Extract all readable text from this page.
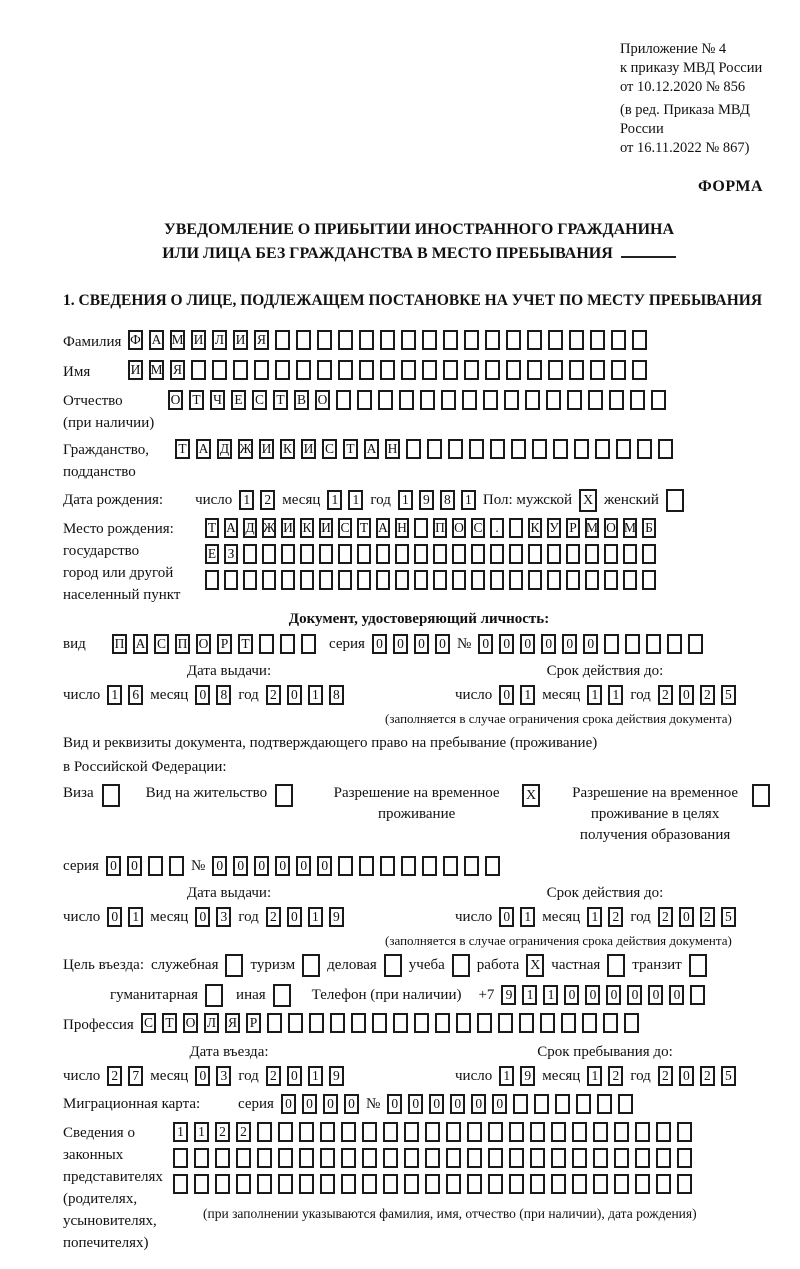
Приложение № 4
к приказу МВД России
от 10.12.2020 № 856
(в ред. Приказа МВД России
от 16.11.2022 № 867)
ФОРМА
УВЕДОМЛЕНИЕ О ПРИБЫТИИ ИНОСТРАННОГО ГРАЖДАНИНА
ИЛИ ЛИЦА БЕЗ ГРАЖДАНСТВА В МЕСТО ПРЕБЫВАНИЯ
1. СВЕДЕНИЯ О ЛИЦЕ, ПОДЛЕЖАЩЕМ ПОСТАНОВКЕ НА УЧЕТ ПО МЕСТУ ПРЕБЫВАНИЯ
Фамилия Ф А М И Л И Я
Имя	И М Я
Отчество
(при наличии)
О Т Ч Е С Т В О
Гражданство,
подданство
Т А Д Ж И К И С Т А Н
Дата рождения: число 1	2 месяц 1	1 год 1	9	8	1 Пол: мужской X женский
Место рождения:
государство
город или другой
населенный пункт
Т А Д Ж И К И С Т А Н П О С .	К У Р М О М Б
Е З
Документ, удостоверяющий личность:
вид	П А С П О Р Т	серия 0	0	0	0 № 0	0	0	0	0	0
Дата выдачи:	Срок действия до:
число 1	6 месяц 0	8 год 2	0	1	8	число 0	1 месяц 1	1 год 2	0	2	5
(заполняется в случае ограничения срока действия документа)
Вид и реквизиты документа, подтверждающего право на пребывание (проживание)
в Российской Федерации:
Виза	Вид на жительство	Разрешение на временное проживание
X	Разрешение на временное проживание в целях получения образования
серия 0	0	№ 0	0	0	0	0	0
Дата выдачи:	Срок действия до:
число 0	1 месяц 0	3 год 2	0	1	9	число 0	1 месяц 1	2 год 2	0	2	5
(заполняется в случае ограничения срока действия документа)
Цель въезда: служебная туризм деловая учеба работа X частная транзит
гуманитарная	иная	Телефон (при наличии) +7 9	1	1	0	0	0	0	0	0
Профессия С Т О Л Я Р
Дата въезда:	Срок пребывания до:
число 2	7 месяц 0	3 год 2	0	1	9	число 1	9 месяц 1	2 год 2	0	2	5
Миграционная карта:	серия 0	0	0	0 № 0	0	0	0	0	0
Сведения о
законных
представителях
(родителях,
усыновителях,
попечителях)
1	1	2	2
(при заполнении указываются фамилия, имя, отчество (при наличии), дата рождения)
